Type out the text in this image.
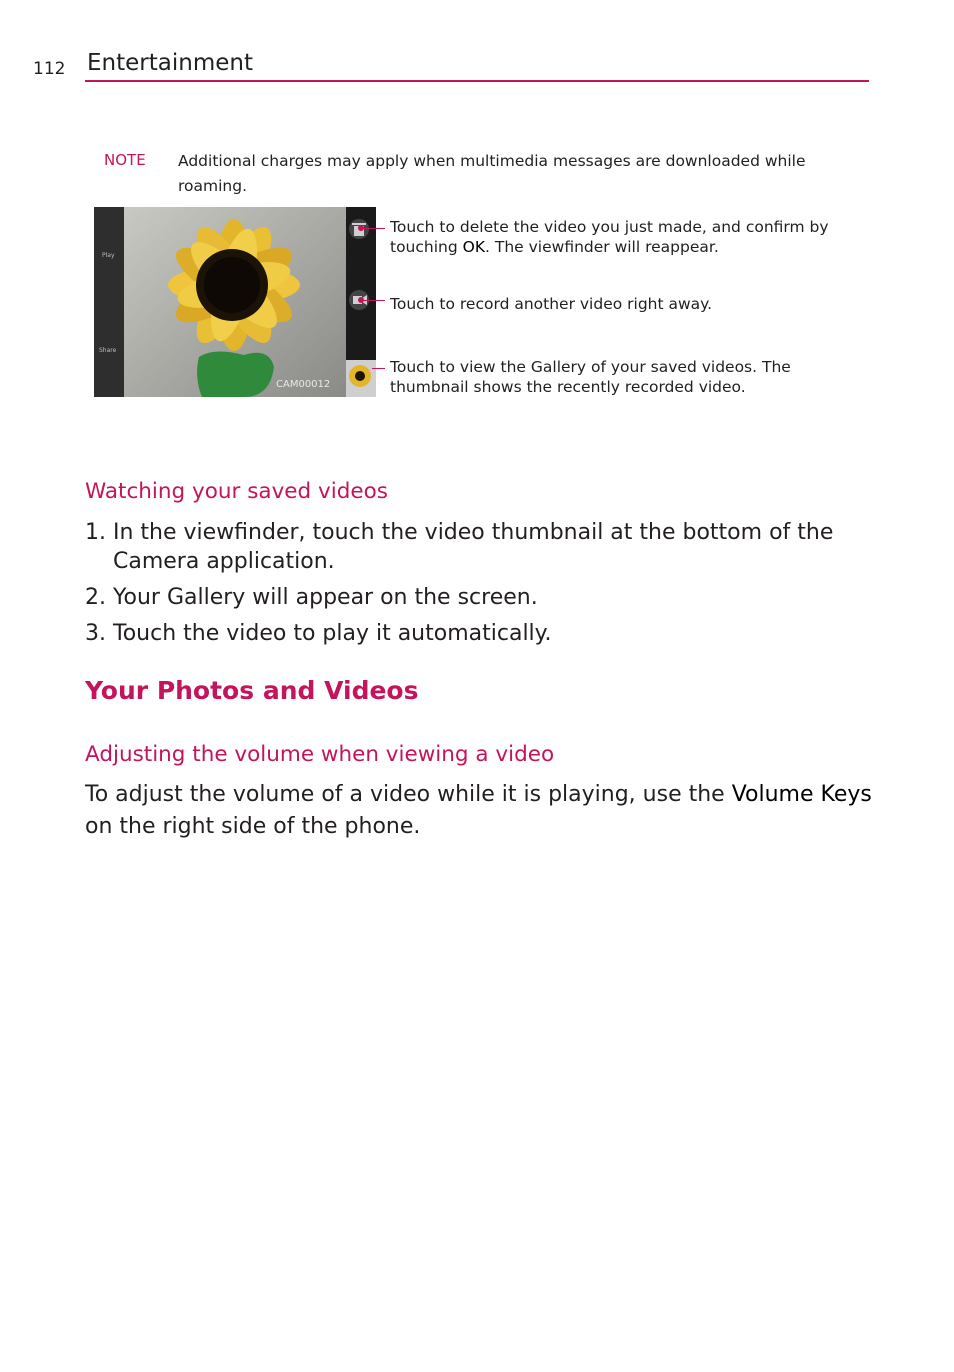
112 Entertainment
NOTE Additional charges may apply when multimedia messages are downloaded while roaming.
Play
Share
CAM00012
Touch to delete the video you just made, and confirm by touching OK. The viewfinder will reappear.
Touch to record another video right away.
Touch to view the Gallery of your saved videos. The thumbnail shows the recently recorded video.
Watching your saved videos
1. In the viewfinder, touch the video thumbnail at the bottom of the Camera application.
2. Your Gallery will appear on the screen.
3. Touch the video to play it automatically.
Your Photos and Videos
Adjusting the volume when viewing a video
To adjust the volume of a video while it is playing, use the Volume Keys on the right side of the phone.
